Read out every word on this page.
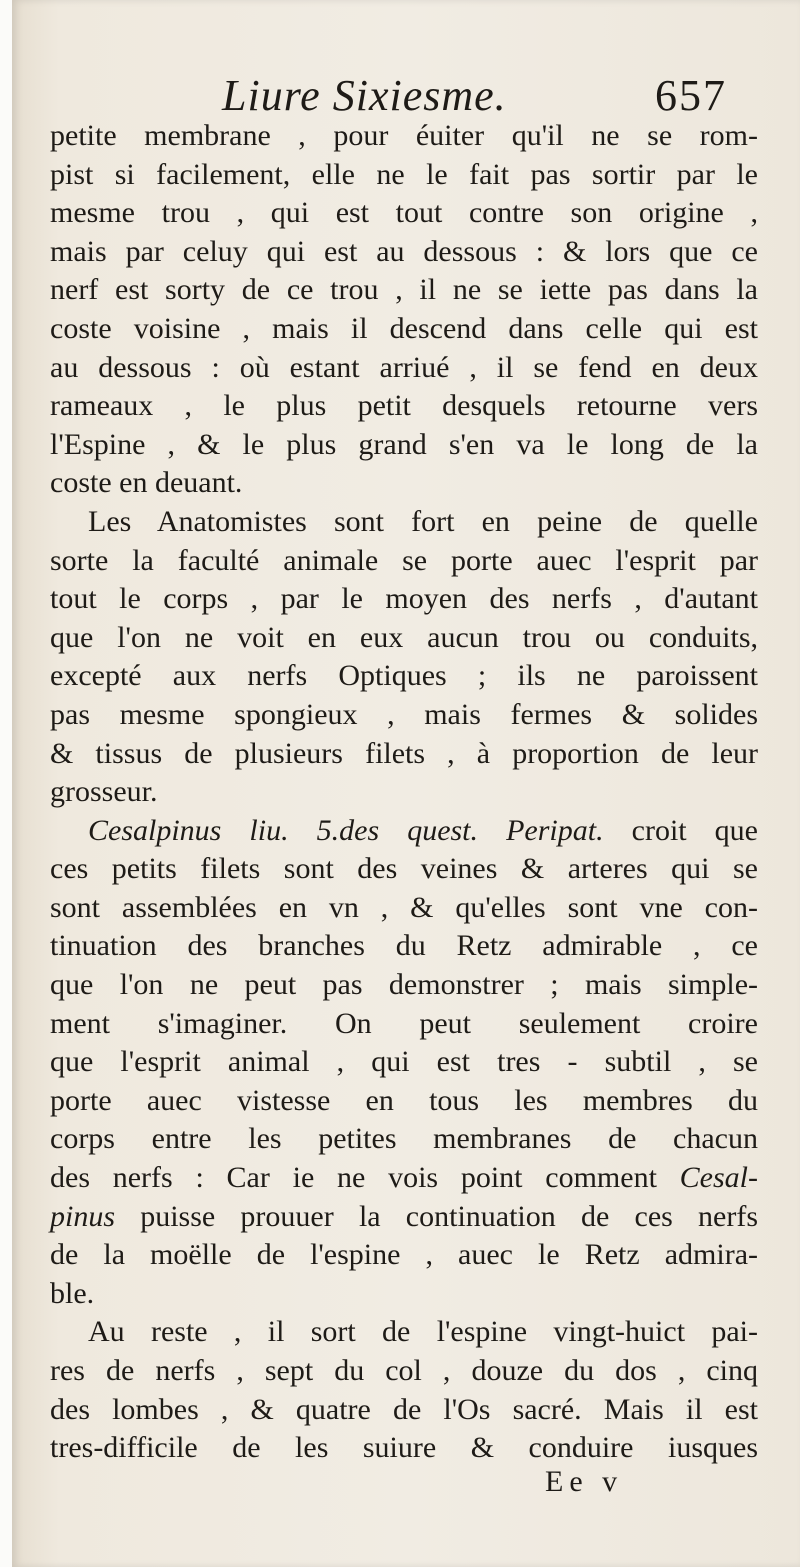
Liure Sixiesme.	657
petite membrane , pour éuiter qu'il ne se rom-
pist si facilement, elle ne le fait pas sortir par le
mesme trou , qui est tout contre son origine ,
mais par celuy qui est au dessous : & lors que ce
nerf est sorty de ce trou , il ne se iette pas dans la
coste voisine , mais il descend dans celle qui est
au dessous : où estant arriué , il se fend en deux
rameaux , le plus petit desquels retourne vers
l'Espine , & le plus grand s'en va le long de la
coste en deuant.
Les Anatomistes sont fort en peine de quelle
sorte la faculté animale se porte auec l'esprit par
tout le corps , par le moyen des nerfs , d'autant
que l'on ne voit en eux aucun trou ou conduits,
excepté aux nerfs Optiques ; ils ne paroissent
pas mesme spongieux , mais fermes & solides
& tissus de plusieurs filets , à proportion de leur
grosseur.
Cesalpinus liu. 5.des quest. Peripat. croit que
ces petits filets sont des veines & arteres qui se
sont assemblées en vn , & qu'elles sont vne con-
tinuation des branches du Retz admirable , ce
que l'on ne peut pas demonstrer ; mais simple-
ment s'imaginer. On peut seulement croire
que l'esprit animal , qui est tres - subtil , se
porte auec vistesse en tous les membres du
corps entre les petites membranes de chacun
des nerfs : Car ie ne vois point comment Cesal-
pinus puisse prouuer la continuation de ces nerfs
de la moëlle de l'espine , auec le Retz admira-
ble.
Au reste , il sort de l'espine vingt-huict pai-
res de nerfs , sept du col , douze du dos , cinq
des lombes , & quatre de l'Os sacré. Mais il est
tres-difficile de les suiure & conduire iusques
Ee v
